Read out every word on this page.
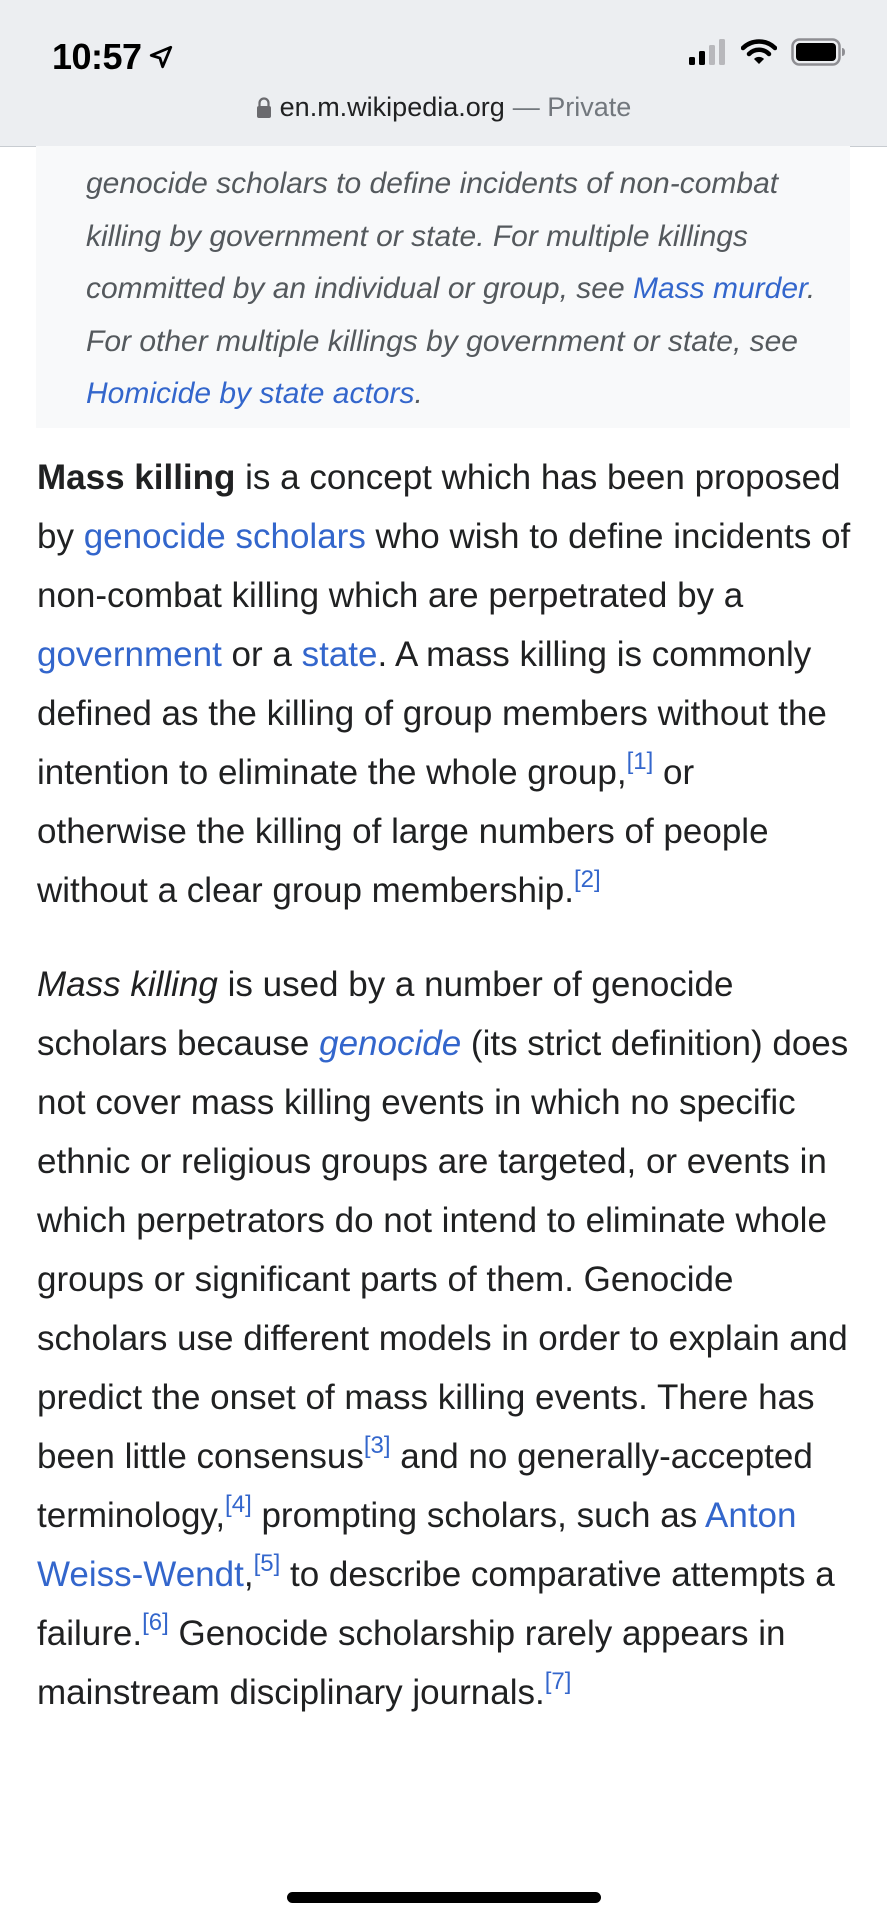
10:57
en.m.wikipedia.org — Private

genocide scholars to define incidents of non-combat killing by government or state. For multiple killings committed by an individual or group, see Mass murder. For other multiple killings by government or state, see Homicide by state actors.

Mass killing is a concept which has been proposed by genocide scholars who wish to define incidents of non-combat killing which are perpetrated by a government or a state. A mass killing is commonly defined as the killing of group members without the intention to eliminate the whole group,[1] or otherwise the killing of large numbers of people without a clear group membership.[2]

Mass killing is used by a number of genocide scholars because genocide (its strict definition) does not cover mass killing events in which no specific ethnic or religious groups are targeted, or events in which perpetrators do not intend to eliminate whole groups or significant parts of them. Genocide scholars use different models in order to explain and predict the onset of mass killing events. There has been little consensus[3] and no generally-accepted terminology,[4] prompting scholars, such as Anton Weiss-Wendt,[5] to describe comparative attempts a failure.[6] Genocide scholarship rarely appears in mainstream disciplinary journals.[7]
